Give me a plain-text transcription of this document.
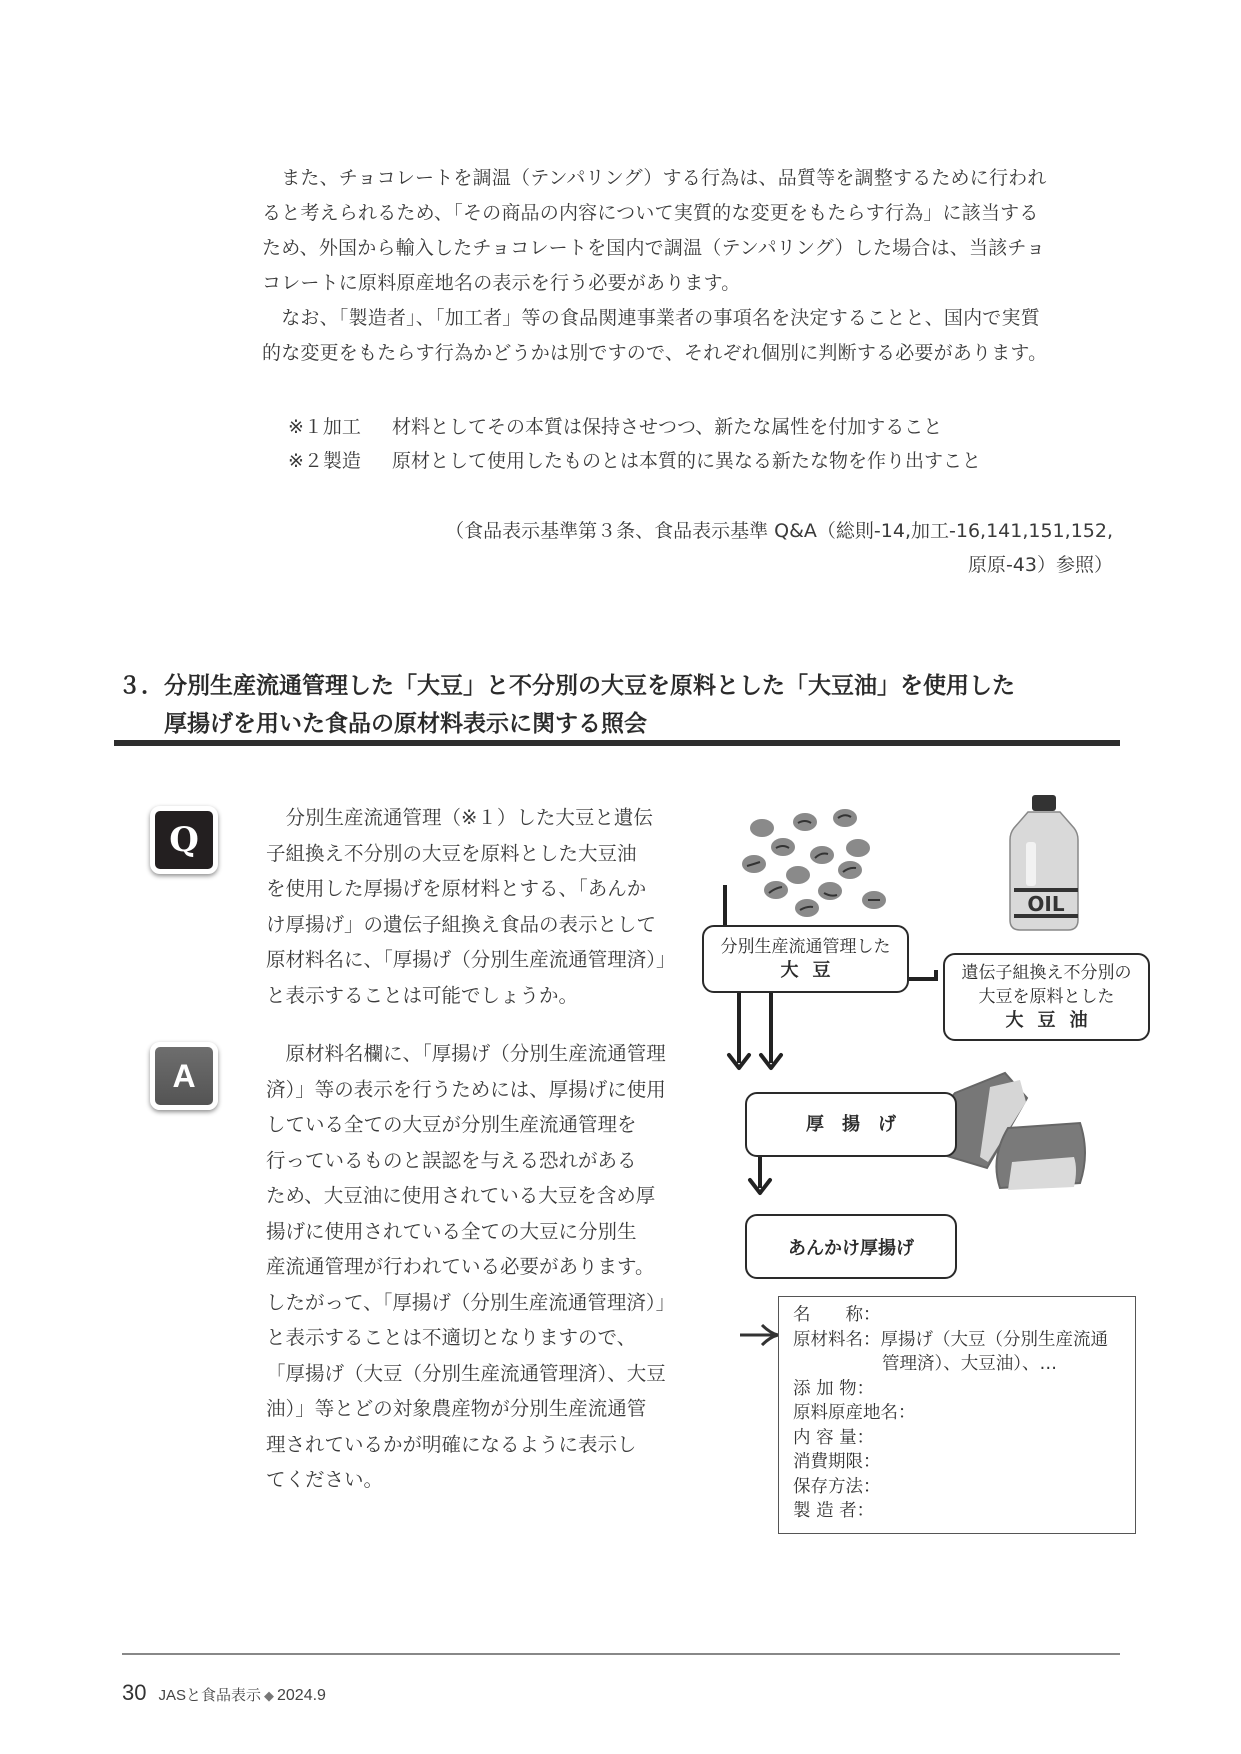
　また、チョコレートを調温（テンパリング）する行為は、品質等を調整するために行われ
ると考えられるため、「その商品の内容について実質的な変更をもたらす行為」に該当する
ため、外国から輸入したチョコレートを国内で調温（テンパリング）した場合は、当該チョ
コレートに原料原産地名の表示を行う必要があります。
　なお、「製造者」、「加工者」等の食品関連事業者の事項名を決定することと、国内で実質
的な変更をもたらす行為かどうかは別ですので、それぞれ個別に判断する必要があります。
※１加工 材料としてその本質は保持させつつ、新たな属性を付加すること
※２製造 原材として使用したものとは本質的に異なる新たな物を作り出すこと
（食品表示基準第３条、食品表示基準 Q&A（総則-14,加工-16,141,151,152,
原原-43）参照）
３．分別生産流通管理した「大豆」と不分別の大豆を原料とした「大豆油」を使用した
厚揚げを用いた食品の原材料表示に関する照会
Q
　分別生産流通管理（※１）した大豆と遺伝
子組換え不分別の大豆を原料とした大豆油
を使用した厚揚げを原材料とする、「あんか
け厚揚げ」の遺伝子組換え食品の表示として
原材料名に、「厚揚げ（分別生産流通管理済）」
と表示することは可能でしょうか。
A
　原材料名欄に、「厚揚げ（分別生産流通管理
済）」等の表示を行うためには、厚揚げに使用
している全ての大豆が分別生産流通管理を
行っているものと誤認を与える恐れがある
ため、大豆油に使用されている大豆を含め厚
揚げに使用されている全ての大豆に分別生
産流通管理が行われている必要があります。
したがって、「厚揚げ（分別生産流通管理済）」
と表示することは不適切となりますので、
「厚揚げ（大豆（分別生産流通管理済）、大豆
油）」等とどの対象農産物が分別生産流通管
理されているかが明確になるように表示し
てください。
OIL
分別生産流通管理した
大豆	遺伝子組換え不分別の
大豆を原料とした
大豆油
厚揚げ
あんかけ厚揚げ
名　　称：
原材料名：厚揚げ（大豆（分別生産流通
管理済）、大豆油）、…
添 加 物：
原料原産地名：
内 容 量：
消費期限：
保存方法：
製 造 者：
30 JASと食品表示 ◆ 2024.9
